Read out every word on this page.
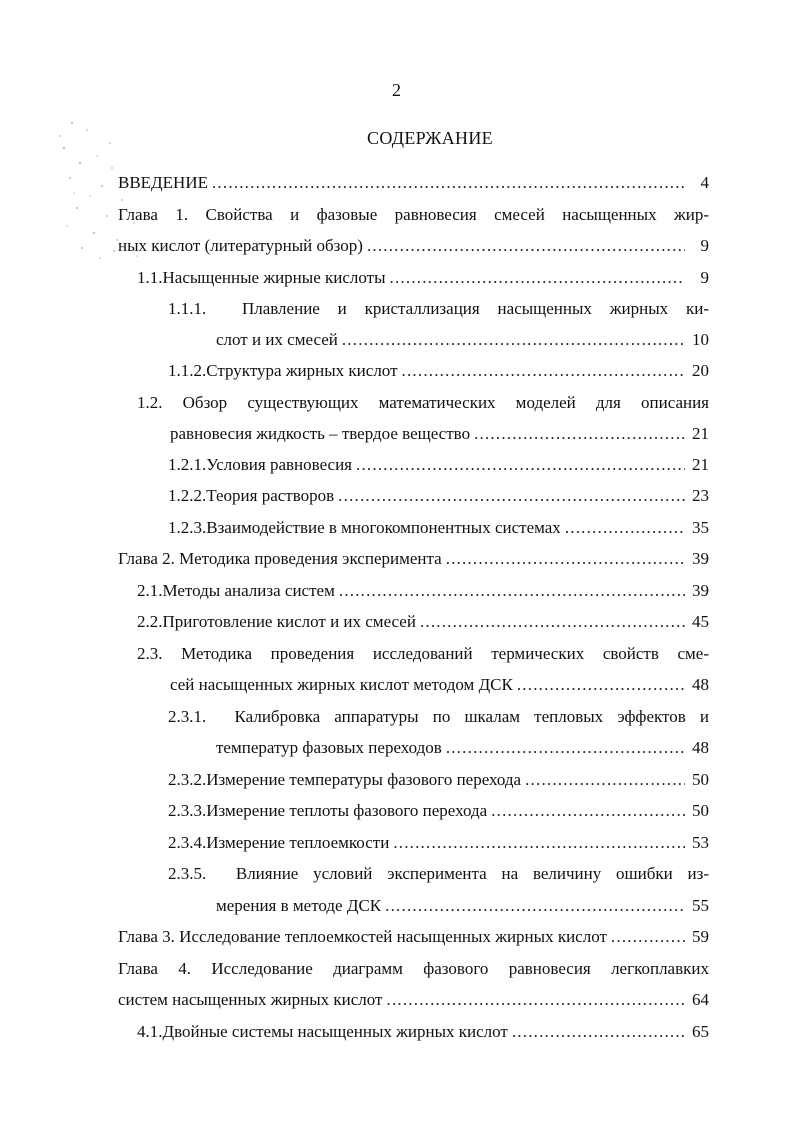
2
СОДЕРЖАНИЕ
ВВЕДЕНИЕ .....	4
Глава 1. Свойства и фазовые равновесия смесей насыщенных жир-
ных кислот (литературный обзор) .....	9
1.1. Насыщенные жирные кислоты .....	9
1.1.1. Плавление и кристаллизация насыщенных жирных ки-
слот и их смесей .....	10
1.1.2. Структура жирных кислот .....	20
1.2. Обзор существующих математических моделей для описания
равновесия жидкость – твердое вещество .....	21
1.2.1. Условия равновесия .....	21
1.2.2. Теория растворов .....	23
1.2.3. Взаимодействие в многокомпонентных системах .....	35
Глава 2. Методика проведения эксперимента .....	39
2.1. Методы анализа систем .....	39
2.2. Приготовление кислот и их смесей .....	45
2.3. Методика проведения исследований термических свойств сме-
сей насыщенных жирных кислот методом ДСК .....	48
2.3.1. Калибровка аппаратуры по шкалам тепловых эффектов и
температур фазовых переходов .....	48
2.3.2. Измерение температуры фазового перехода .....	50
2.3.3. Измерение теплоты фазового перехода .....	50
2.3.4. Измерение теплоемкости .....	53
2.3.5. Влияние условий эксперимента на величину ошибки из-
мерения в методе ДСК .....	55
Глава 3. Исследование теплоемкостей насыщенных жирных кислот .....	59
Глава 4. Исследование диаграмм фазового равновесия легкоплавких
систем насыщенных жирных кислот .....	64
4.1. Двойные системы насыщенных жирных кислот .....	65
